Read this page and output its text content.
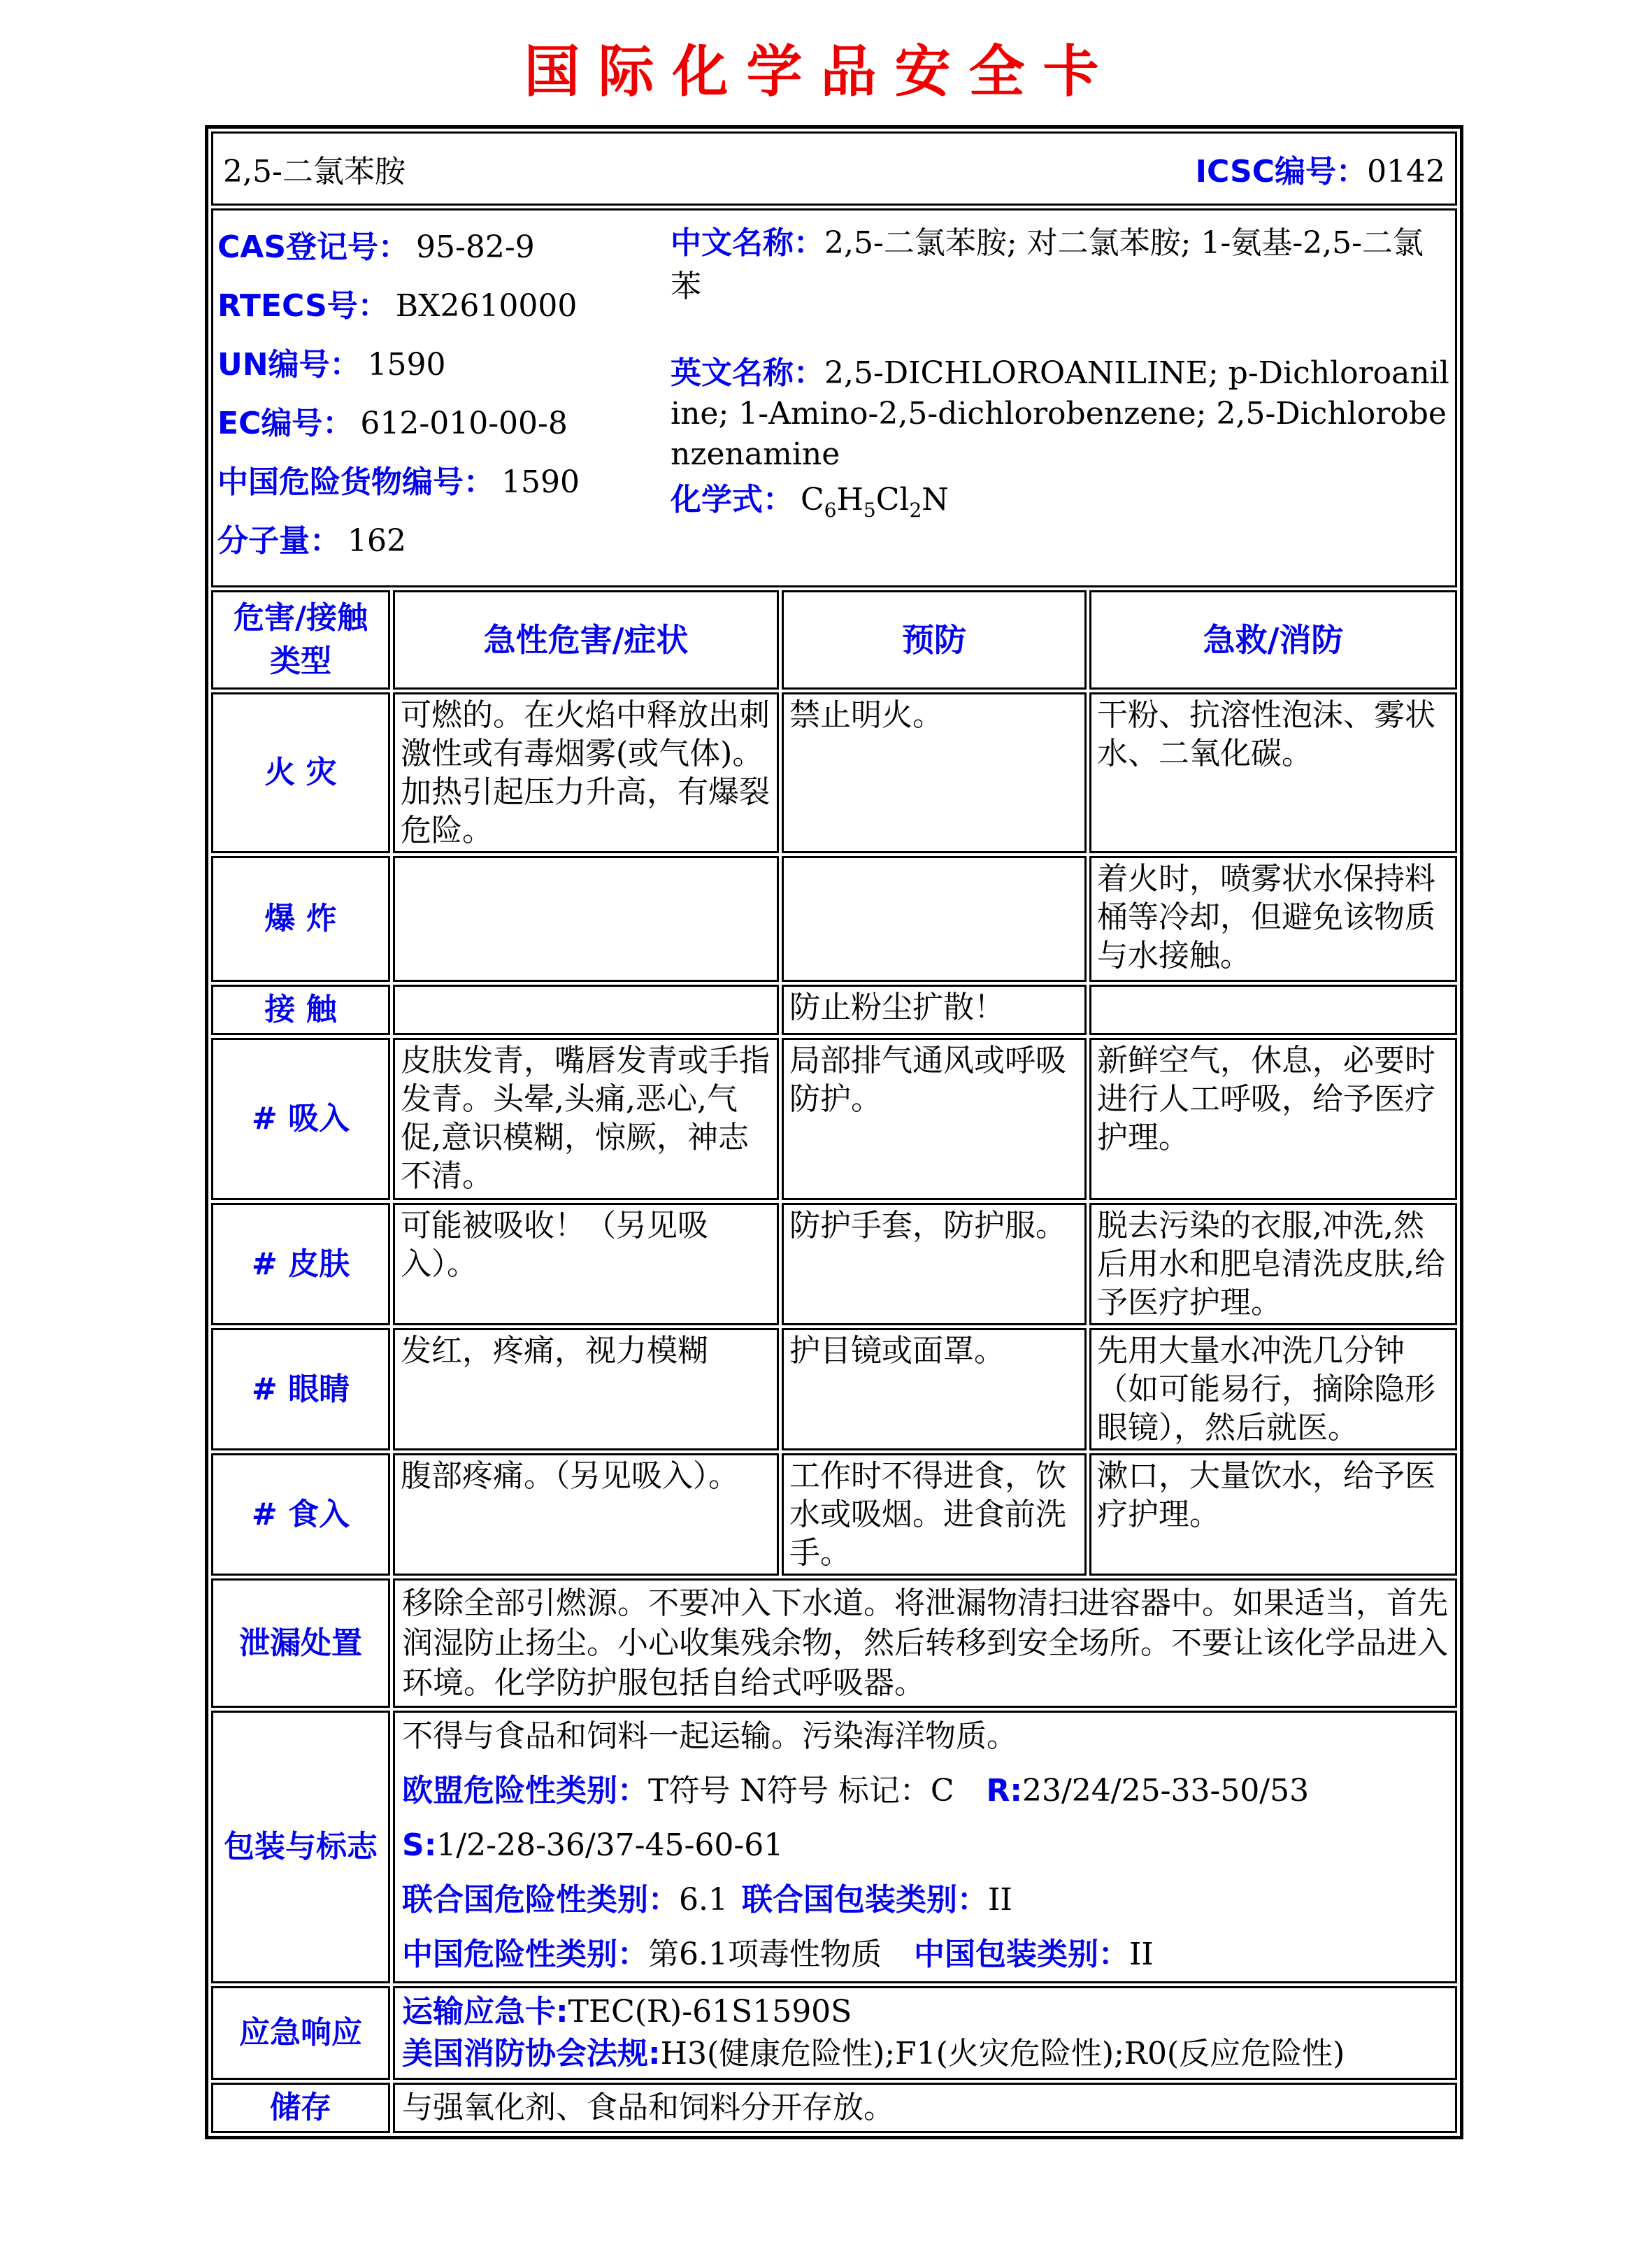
国际化学品安全卡
2,5-二氯苯胺 ICSC编号：0142			

CAS登记号： 95-82-9
RTECS号： BX2610000
UN编号： 1590
EC编号： 612-010-00-8
中国危险货物编号： 1590
分子量： 162

中文名称：2,5-二氯苯胺; 对二氯苯胺; 1-氨基-2,5-二氯苯

英文名称：2,5-DICHLOROANILINE; p-Dichloroaniline; 1-Amino-2,5-dichlorobenzene; 2,5-Dichlorobenzenamine

化学式： $C_6H_5Cl_2N$

危害/接触
类型	急性危害/症状	预防	急救/消防
火 灾	可燃的。在火焰中释放出刺激性或有毒烟雾(或气体)。加热引起压力升高，有爆裂危险。	禁止明火。	干粉、抗溶性泡沫、雾状水、二氧化碳。
爆 炸			着火时，喷雾状水保持料桶等冷却，但避免该物质与水接触。
接 触		防止粉尘扩散！	
# 吸入	皮肤发青，嘴唇发青或手指发青。头晕,头痛,恶心,气促,意识模糊，惊厥，神志不清。	局部排气通风或呼吸防护。	新鲜空气，休息，必要时进行人工呼吸，给予医疗护理。
# 皮肤	可能被吸收！（另见吸入）。	防护手套，防护服。	脱去污染的衣服,冲洗,然后用水和肥皂清洗皮肤,给予医疗护理。
# 眼睛	发红，疼痛，视力模糊	护目镜或面罩。	先用大量水冲洗几分钟（如可能易行，摘除隐形眼镜），然后就医。
# 食入	腹部疼痛。（另见吸入）。	工作时不得进食，饮水或吸烟。进食前洗手。	漱口，大量饮水，给予医疗护理。
泄漏处置	移除全部引燃源。不要冲入下水道。将泄漏物清扫进容器中。如果适当，首先润湿防止扬尘。小心收集残余物，然后转移到安全场所。不要让该化学品进入环境。化学防护服包括自给式呼吸器。		
包装与标志	不得与食品和饲料一起运输。污染海洋物质。

欧盟危险性类别：T符号 N符号 标记：C R:23/24/25-33-50/53

S:1/2-28-36/37-45-60-61

联合国危险性类别：6.1 联合国包装类别：II

中国危险性类别：第6.1项毒性物质 中国包装类别：II		

应急响应	运输应急卡:TEC(R)-61S1590S

美国消防协会法规:H3(健康危险性);F1(火灾危险性);R0(反应危险性)		

储存	与强氧化剂、食品和饲料分开存放。		
